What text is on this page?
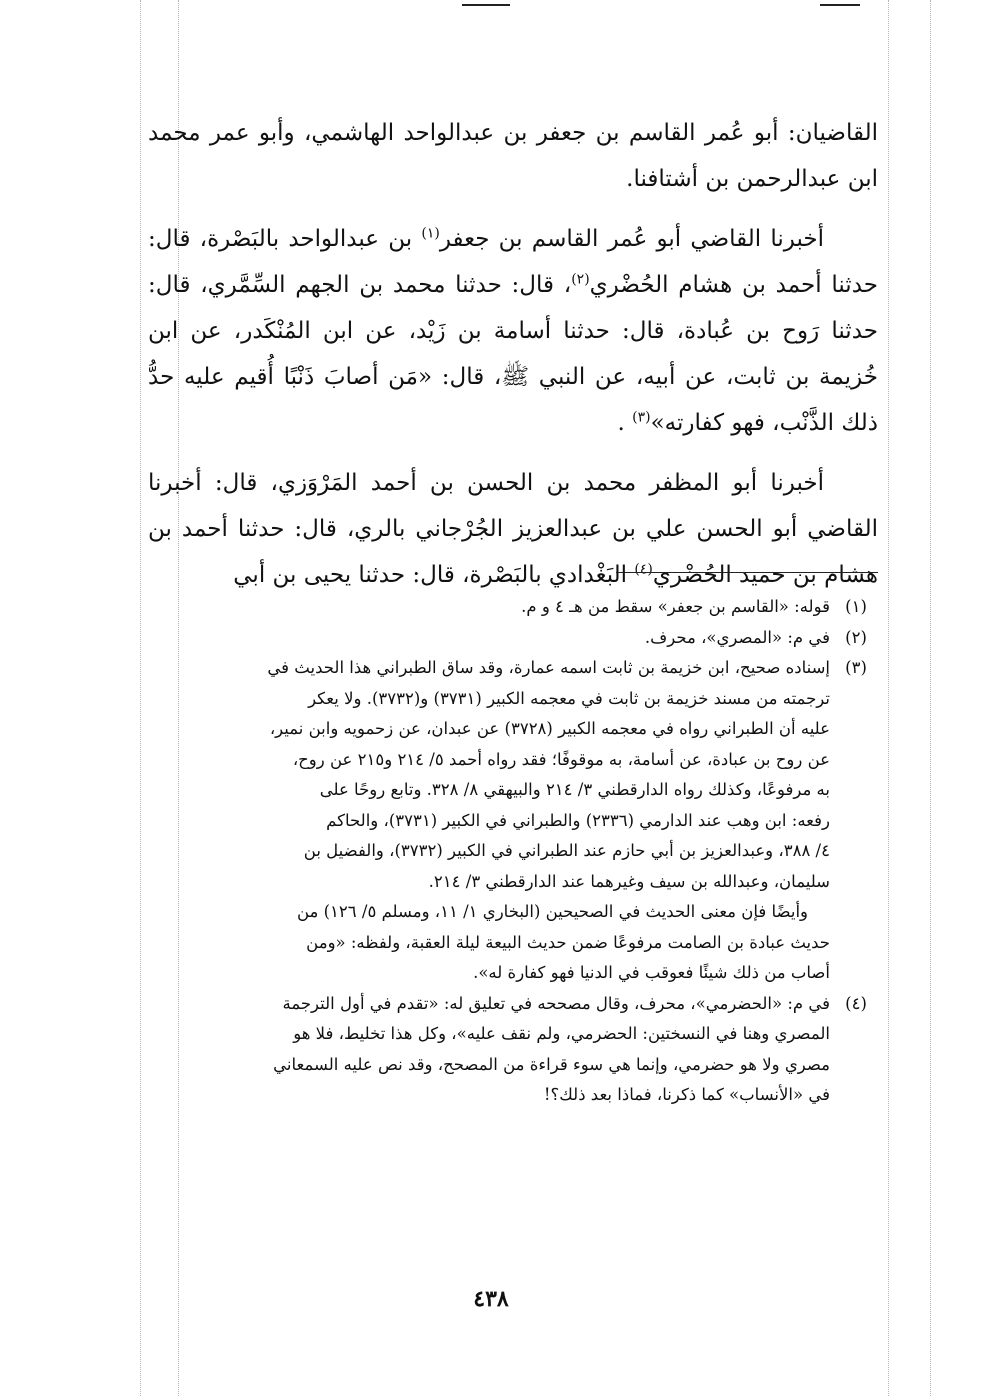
القاضيان: أبو عُمر القاسم بن جعفر بن عبدالواحد الهاشمي، وأبو عمر محمد ابن عبدالرحمن بن أشتافنا.

أخبرنا القاضي أبو عُمر القاسم بن جعفر$^{(١)}$ بن عبدالواحد بالبَصْرة، قال: حدثنا أحمد بن هشام الحُضْري$^{(٢)}$، قال: حدثنا محمد بن الجهم السِّمَّري، قال: حدثنا رَوح بن عُبادة، قال: حدثنا أسامة بن زَيْد، عن ابن المُنْكَدر، عن ابن خُزيمة بن ثابت، عن أبيه، عن النبي ﷺ، قال: «مَن أصابَ ذَنْبًا أُقيم عليه حدُّ ذلك الذَّنْب، فهو كفارته»$^{(٣)}$ .

أخبرنا أبو المظفر محمد بن الحسن بن أحمد المَرْوَزي، قال: أخبرنا القاضي أبو الحسن علي بن عبدالعزيز الجُرْجاني بالري، قال: حدثنا أحمد بن هشام بن حميد الحُضْري$^{(٤)}$ البَغْدادي بالبَصْرة، قال: حدثنا يحيى بن أبي

(١)
قوله: «القاسم بن جعفر» سقط من هـ ٤ و م.
(٢)
في م: «المصري»، محرف.
(٣)
إسناده صحيح، ابن خزيمة بن ثابت اسمه عمارة، وقد ساق الطبراني هذا الحديث في
ترجمته من مسند خزيمة بن ثابت في معجمه الكبير (٣٧٣١) و(٣٧٣٢). ولا يعكر
عليه أن الطبراني رواه في معجمه الكبير (٣٧٢٨) عن عبدان، عن زحمويه وابن نمير،
عن روح بن عبادة، عن أسامة، به موقوفًا؛ فقد رواه أحمد ٥/ ٢١٤ و٢١٥ عن روح،
به مرفوعًا، وكذلك رواه الدارقطني ٣/ ٢١٤ والبيهقي ٨/ ٣٢٨. وتابع روحًا على
رفعه: ابن وهب عند الدارمي (٢٣٣٦) والطبراني في الكبير (٣٧٣١)، والحاكم
٤/ ٣٨٨، وعبدالعزيز بن أبي حازم عند الطبراني في الكبير (٣٧٣٢)، والفضيل بن
سليمان، وعبدالله بن سيف وغيرهما عند الدارقطني ٣/ ٢١٤.
وأيضًا فإن معنى الحديث في الصحيحين (البخاري ١/ ١١، ومسلم ٥/ ١٢٦) من
حديث عبادة بن الصامت مرفوعًا ضمن حديث البيعة ليلة العقبة، ولفظه: «ومن
أصاب من ذلك شيئًا فعوقب في الدنيا فهو كفارة له».
(٤)
في م: «الحضرمي»، محرف، وقال مصححه في تعليق له: «تقدم في أول الترجمة
المصري وهنا في النسختين: الحضرمي، ولم نقف عليه»، وكل هذا تخليط، فلا هو
مصري ولا هو حضرمي، وإنما هي سوء قراءة من المصحح، وقد نص عليه السمعاني
في «الأنساب» كما ذكرنا، فماذا بعد ذلك؟!
٤٣٨
